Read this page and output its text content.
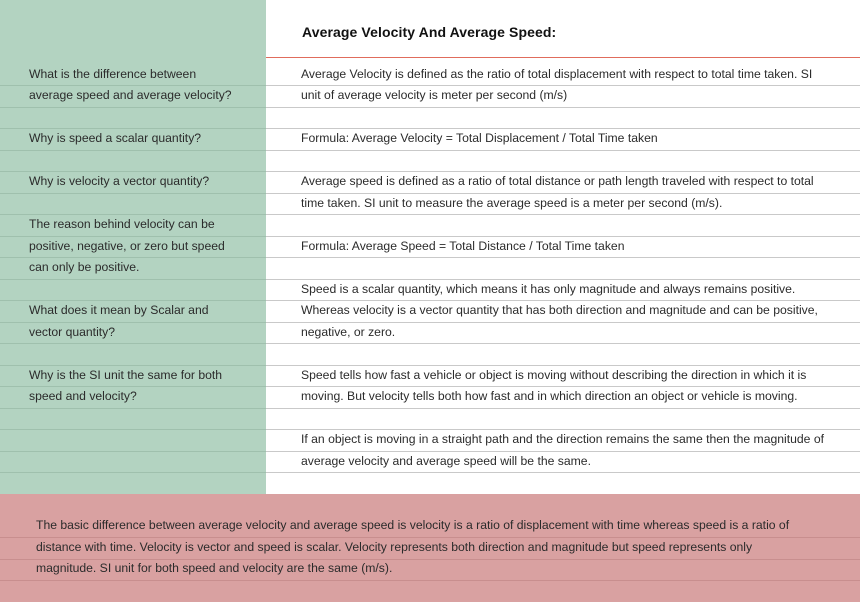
Average Velocity And Average Speed:
What is the difference between
average speed and average velocity?
Why is speed a scalar quantity?
Why is velocity a vector quantity?
The reason behind velocity can be
positive, negative, or zero but speed
can only be positive.
What does it mean by Scalar and
vector quantity?
Why is the SI unit the same for both
speed and velocity?
Average Velocity is defined as the ratio of total displacement with respect to total time taken. SI
unit of average velocity is meter per second (m/s)
Formula: Average Velocity = Total Displacement / Total Time taken
Average speed is defined as a ratio of total distance or path length traveled with respect to total
time taken. SI unit to measure the average speed is a meter per second (m/s).
Formula: Average Speed = Total Distance / Total Time taken
Speed is a scalar quantity, which means it has only magnitude and always remains positive.
Whereas velocity is a vector quantity that has both direction and magnitude and can be positive,
negative, or zero.
Speed tells how fast a vehicle or object is moving without describing the direction in which it is
moving. But velocity tells both how fast and in which direction an object or vehicle is moving.
If an object is moving in a straight path and the direction remains the same then the magnitude of
average velocity and average speed will be the same.
The basic difference between average velocity and average speed is velocity is a ratio of displacement with time whereas speed is a ratio of
distance with time. Velocity is vector and speed is scalar. Velocity represents both direction and magnitude but speed represents only
magnitude. SI unit for both speed and velocity are the same (m/s).
